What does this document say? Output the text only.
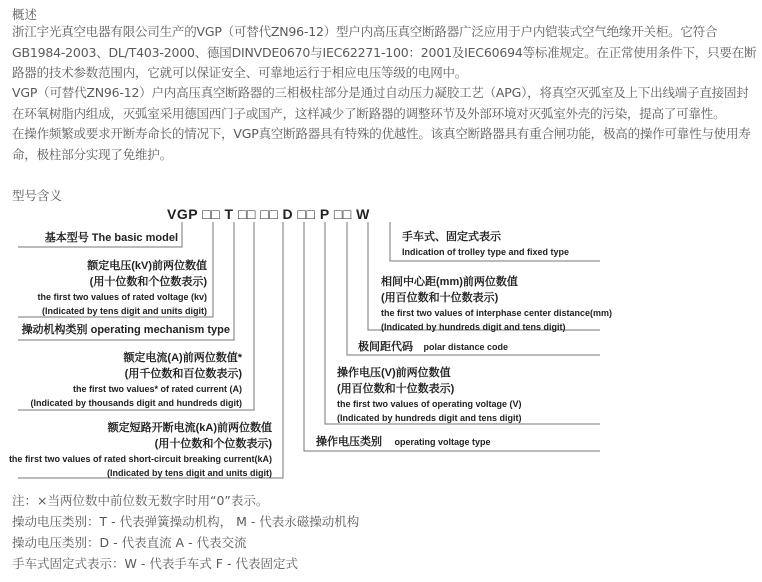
概述
浙江宇光真空电器有限公司生产的VGP（可替代ZN96-12）型户内高压真空断路器广泛应用于户内铠装式空气绝缘开关柜。它符合GB1984-2003、DL/T403-2000、德国DINVDE0670与IEC62271-100：2001及IEC60694等标准规定。在正常使用条件下，只要在断路器的技术参数范围内，它就可以保证安全、可靠地运行于相应电压等级的电网中。
VGP（可替代ZN96-12）户内高压真空断路器的三相极柱部分是通过自动压力凝胶工艺（APG），将真空灭弧室及上下出线端子直接固封在环氧树脂内组成，灭弧室采用德国西门子或国产，这样减少了断路器的调整环节及外部环境对灭弧室外壳的污染，提高了可靠性。
在操作频繁或要求开断寿命长的情况下，VGP真空断路器具有特殊的优越性。该真空断路器具有重合闸功能，极高的操作可靠性与使用寿命，极柱部分实现了免维护。
型号含义
VGP □□ T □□ □□ D □□ P □□ W
基本型号 The basic model
额定电压(kV)前两位数值
(用十位数和个位数表示)
the first two values of rated voltage (kv)
(Indicated by tens digit and units digit)
操动机构类别 operating mechanism type
额定电流(A)前两位数值*
(用千位数和百位数表示)
the first two values* of rated current (A)
(Indicated by thousands digit and hundreds digit)
额定短路开断电流(kA)前两位数值
(用十位数和个位数表示)
the first two values of rated short-circuit breaking current(kA)
(Indicated by tens digit and units digit)
手车式、固定式表示
Indication of trolley type and fixed type
相间中心距(mm)前两位数值
(用百位数和十位数表示)
the first two values of interphase center distance(mm)
(Indicated by hundreds digit and tens digit)
极间距代码 polar distance code
操作电压(V)前两位数值
(用百位数和十位数表示)
the first two values of operating voltage (V)
(Indicated by hundreds digit and tens digit)
操作电压类别 operating voltage type
注：×当两位数中前位数无数字时用“0”表示。
操动电压类别：T - 代表弹簧操动机构， M - 代表永磁操动机构
操动电压类别：D - 代表直流 A - 代表交流
手车式固定式表示：W - 代表手车式 F - 代表固定式
